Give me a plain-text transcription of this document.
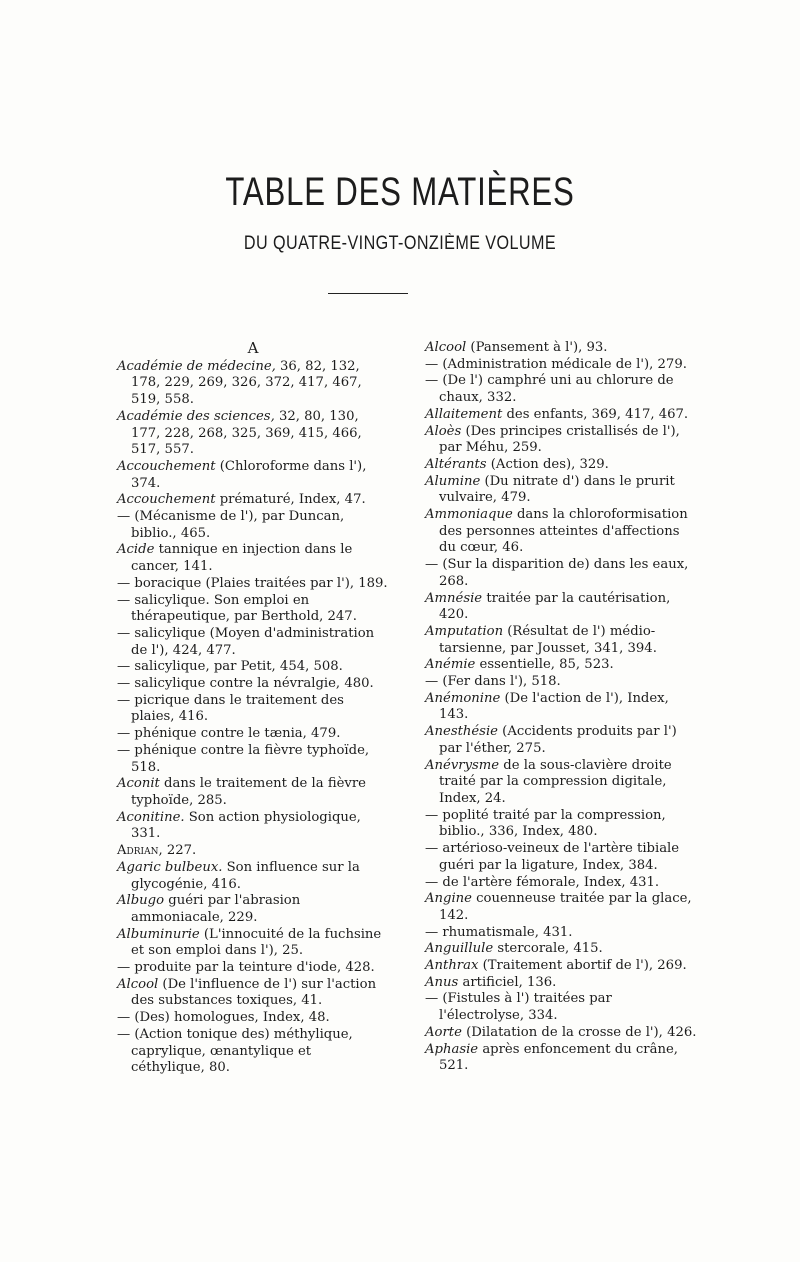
TABLE DES MATIÈRES
DU QUATRE-VINGT-ONZIÈME VOLUME
A
Académie de médecine, 36, 82, 132, 178, 229, 269, 326, 372, 417, 467, 519, 558.
Académie des sciences, 32, 80, 130, 177, 228, 268, 325, 369, 415, 466, 517, 557.
Accouchement (Chloroforme dans l'), 374.
Accouchement prématuré, Index, 47.
— (Mécanisme de l'), par Duncan, biblio., 465.
Acide tannique en injection dans le cancer, 141.
— boracique (Plaies traitées par l'), 189.
— salicylique. Son emploi en thérapeutique, par Berthold, 247.
— salicylique (Moyen d'administration de l'), 424, 477.
— salicylique, par Petit, 454, 508.
— salicylique contre la névralgie, 480.
— picrique dans le traitement des plaies, 416.
— phénique contre le tænia, 479.
— phénique contre la fièvre typhoïde, 518.
Aconit dans le traitement de la fièvre typhoïde, 285.
Aconitine. Son action physiologique, 331.
Adrian, 227.
Agaric bulbeux. Son influence sur la glycogénie, 416.
Albugo guéri par l'abrasion ammoniacale, 229.
Albuminurie (L'innocuité de la fuchsine et son emploi dans l'), 25.
— produite par la teinture d'iode, 428.
Alcool (De l'influence de l') sur l'action des substances toxiques, 41.
— (Des) homologues, Index, 48.
— (Action tonique des) méthylique, caprylique, œnantylique et céthylique, 80.
Alcool (Pansement à l'), 93.
— (Administration médicale de l'), 279.
— (De l') camphré uni au chlorure de chaux, 332.
Allaitement des enfants, 369, 417, 467.
Aloès (Des principes cristallisés de l'), par Méhu, 259.
Altérants (Action des), 329.
Alumine (Du nitrate d') dans le prurit vulvaire, 479.
Ammoniaque dans la chloroformisation des personnes atteintes d'affections du cœur, 46.
— (Sur la disparition de) dans les eaux, 268.
Amnésie traitée par la cautérisation, 420.
Amputation (Résultat de l') médio-tarsienne, par Jousset, 341, 394.
Anémie essentielle, 85, 523.
— (Fer dans l'), 518.
Anémonine (De l'action de l'), Index, 143.
Anesthésie (Accidents produits par l') par l'éther, 275.
Anévrysme de la sous-clavière droite traité par la compression digitale, Index, 24.
— poplité traité par la compression, biblio., 336, Index, 480.
— artérioso-veineux de l'artère tibiale guéri par la ligature, Index, 384.
— de l'artère fémorale, Index, 431.
Angine couenneuse traitée par la glace, 142.
— rhumatismale, 431.
Anguillule stercorale, 415.
Anthrax (Traitement abortif de l'), 269.
Anus artificiel, 136.
— (Fistules à l') traitées par l'électrolyse, 334.
Aorte (Dilatation de la crosse de l'), 426.
Aphasie après enfoncement du crâne, 521.
